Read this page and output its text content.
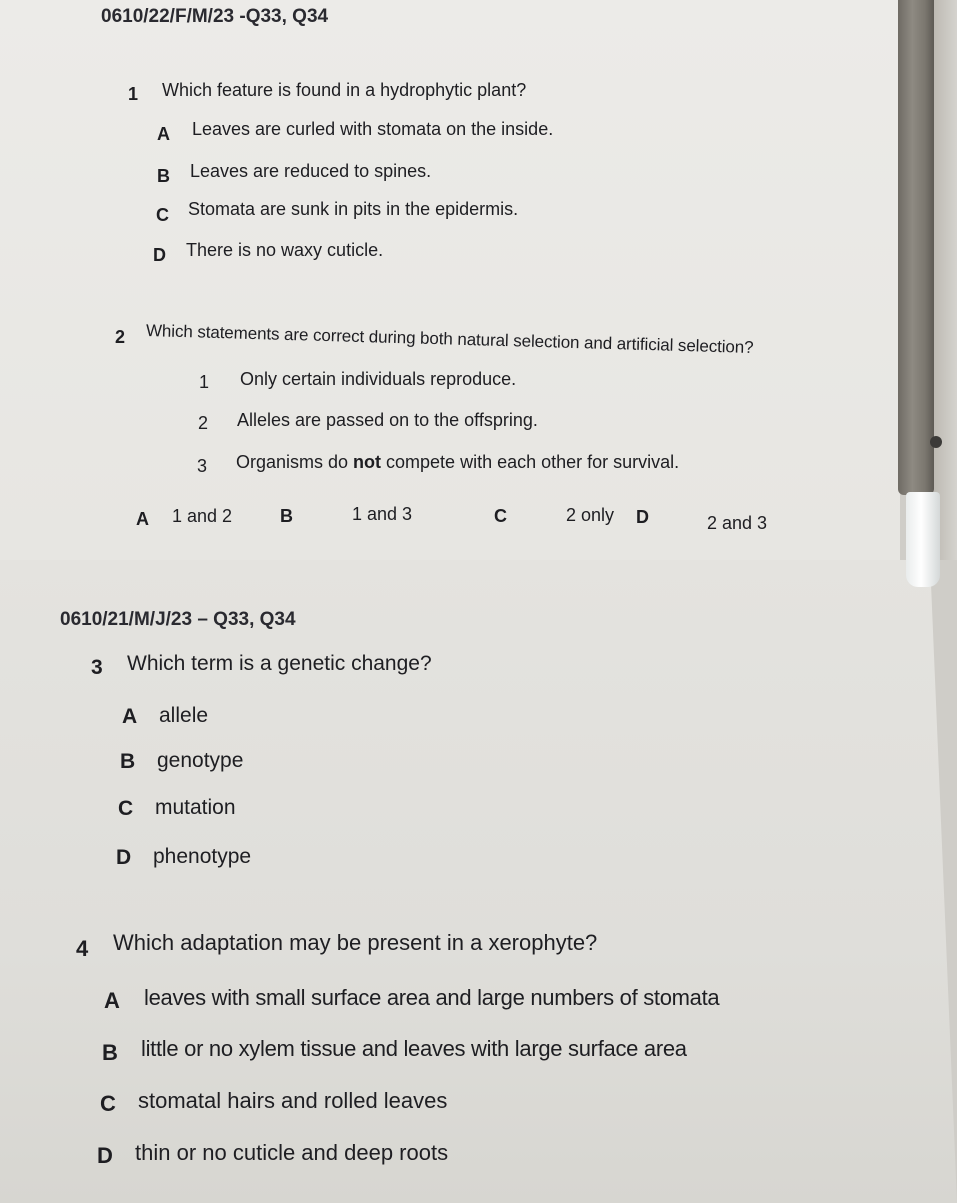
0610/22/F/M/23 -Q33, Q34
1 Which feature is found in a hydrophytic plant?
A Leaves are curled with stomata on the inside.
B Leaves are reduced to spines.
C Stomata are sunk in pits in the epidermis.
D There is no waxy cuticle.
2 Which statements are correct during both natural selection and artificial selection?
1 Only certain individuals reproduce.
2 Alleles are passed on to the offspring.
3 Organisms do not compete with each other for survival.
A 1 and 2	B	1 and 3	C	2 only D	2 and 3
0610/21/M/J/23 – Q33, Q34
3 Which term is a genetic change?
A allele
B genotype
C mutation
D phenotype
4 Which adaptation may be present in a xerophyte?
A leaves with small surface area and large numbers of stomata
B little or no xylem tissue and leaves with large surface area
C stomatal hairs and rolled leaves
D thin or no cuticle and deep roots
